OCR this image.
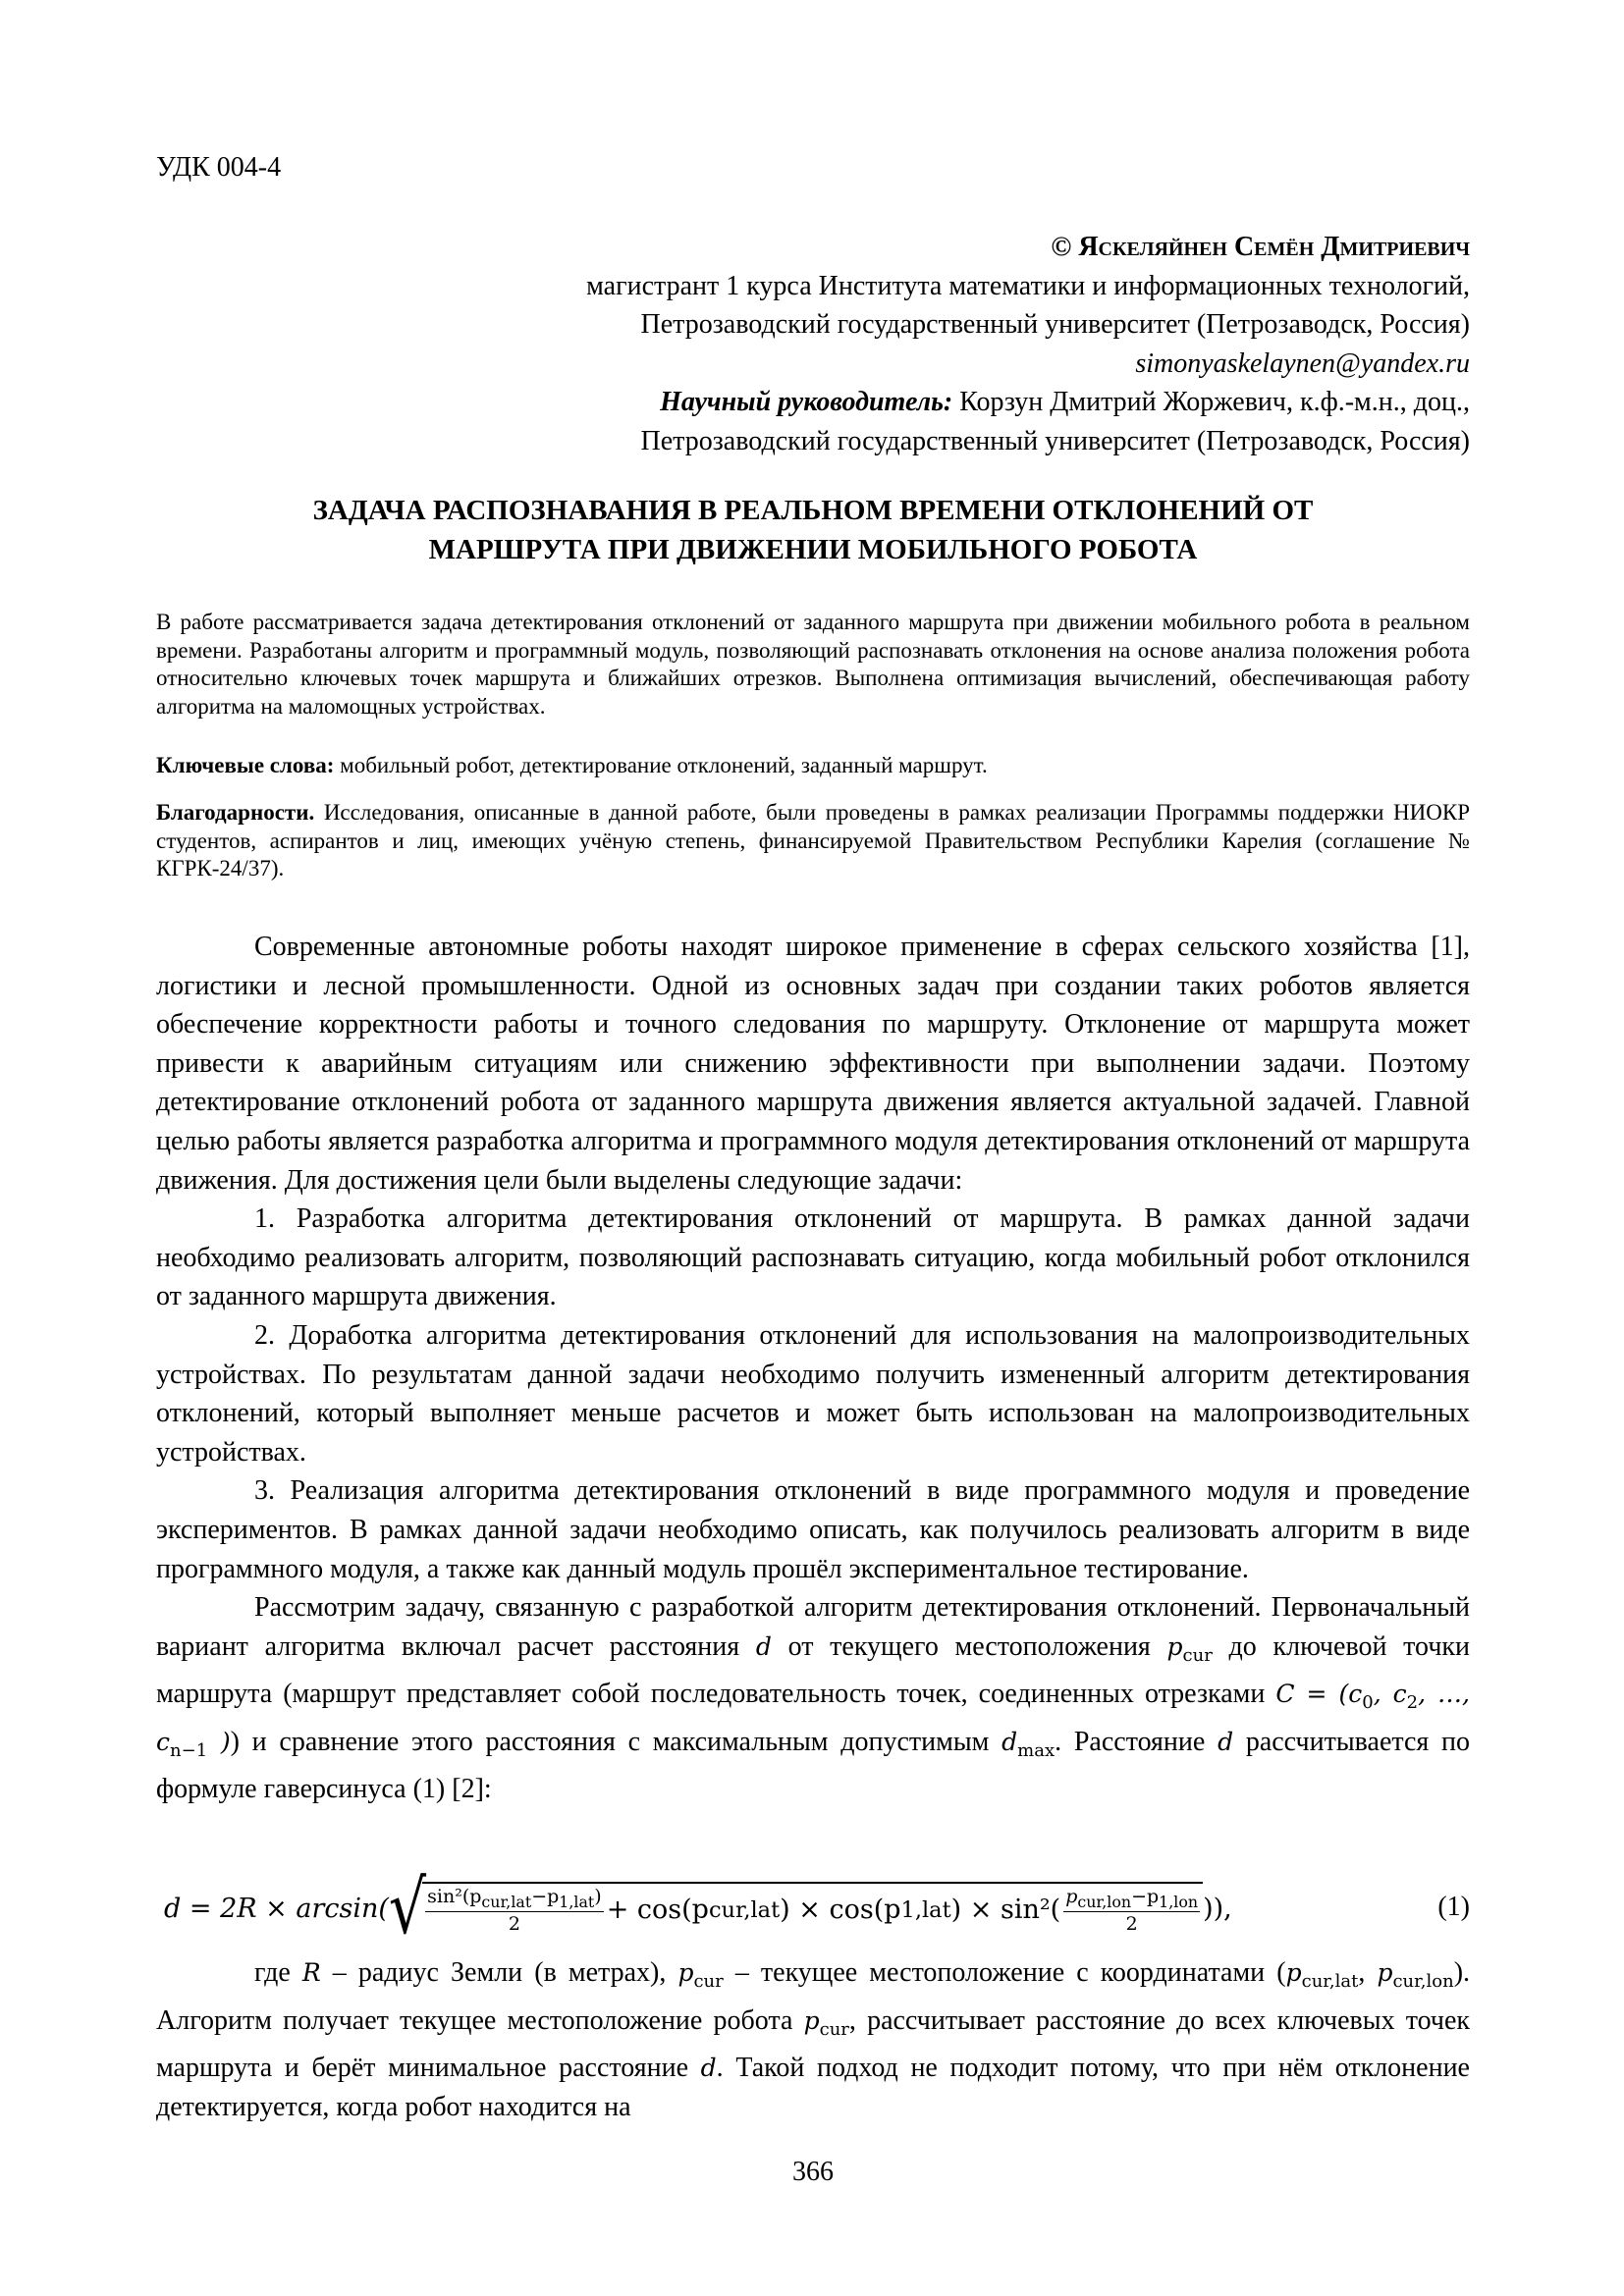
УДК 004-4
© Яскеляйнен Семён Дмитриевич
магистрант 1 курса Института математики и информационных технологий,
Петрозаводский государственный университет (Петрозаводск, Россия)
simonyaskelaynen@yandex.ru
Научный руководитель: Корзун Дмитрий Жоржевич, к.ф.-м.н., доц.,
Петрозаводский государственный университет (Петрозаводск, Россия)
ЗАДАЧА РАСПОЗНАВАНИЯ В РЕАЛЬНОМ ВРЕМЕНИ ОТКЛОНЕНИЙ ОТ
МАРШРУТА ПРИ ДВИЖЕНИИ МОБИЛЬНОГО РОБОТА

В работе рассматривается задача детектирования отклонений от заданного маршрута при движении мобильного робота в реальном времени. Разработаны алгоритм и программный модуль, позволяющий распознавать отклонения на основе анализа положения робота относительно ключевых точек маршрута и ближайших отрезков. Выполнена оптимизация вычислений, обеспечивающая работу алгоритма на маломощных устройствах.

Ключевые слова: мобильный робот, детектирование отклонений, заданный маршрут.
Благодарности. Исследования, описанные в данной работе, были проведены в рамках реализации Программы поддержки НИОКР студентов, аспирантов и лиц, имеющих учёную степень, финансируемой Правительством Республики Карелия (соглашение № КГРК-24/37).

Современные автономные роботы находят широкое применение в сферах сельского хозяйства [1], логистики и лесной промышленности. Одной из основных задач при создании таких роботов является обеспечение корректности работы и точного следования по маршруту. Отклонение от маршрута может привести к аварийным ситуациям или снижению эффективности при выполнении задачи. Поэтому детектирование отклонений робота от заданного маршрута движения является актуальной задачей. Главной целью работы является разработка алгоритма и программного модуля детектирования отклонений от маршрута движения. Для достижения цели были выделены следующие задачи:

1. Разработка алгоритма детектирования отклонений от маршрута. В рамках данной задачи необходимо реализовать алгоритм, позволяющий распознавать ситуацию, когда мобильный робот отклонился от заданного маршрута движения.

2. Доработка алгоритма детектирования отклонений для использования на малопроизводительных устройствах. По результатам данной задачи необходимо получить измененный алгоритм детектирования отклонений, который выполняет меньше расчетов и может быть использован на малопроизводительных устройствах.

3. Реализация алгоритма детектирования отклонений в виде программного модуля и проведение экспериментов. В рамках данной задачи необходимо описать, как получилось реализовать алгоритм в виде программного модуля, а также как данный модуль прошёл экспериментальное тестирование.

Рассмотрим задачу, связанную с разработкой алгоритм детектирования отклонений. Первоначальный вариант алгоритма включал расчет расстояния d от текущего местоположения $p_{cur}$ до ключевой точки маршрута (маршрут представляет собой последовательность точек, соединенных отрезками $C = (c_0$, $c_2$, …, $c_{n-1}$ )) и сравнение этого расстояния с максимальным допустимым $d_{max}$. Расстояние d рассчитывается по формуле гаверсинуса (1) [2]:

d = 2R × arcsin( √ $\frac{\sin^2(p_{cur,lat}-p_{1,lat})}{2} + \cos(p$ cur,lat ) × cos(p 1,lat ) × $\sin^2( \frac{p_{cur,lon}-p_{1,lon}}{2}$ )),	(1)

где R – радиус Земли (в метрах), $p_{cur}$ – текущее местоположение с координатами ($p_{cur,lat}$, $p_{cur,lon}$). Алгоритм получает текущее местоположение робота $p_{cur}$, рассчитывает расстояние до всех ключевых точек маршрута и берёт минимальное расстояние d. Такой подход не подходит потому, что при нём отклонение детектируется, когда робот находится на

366
